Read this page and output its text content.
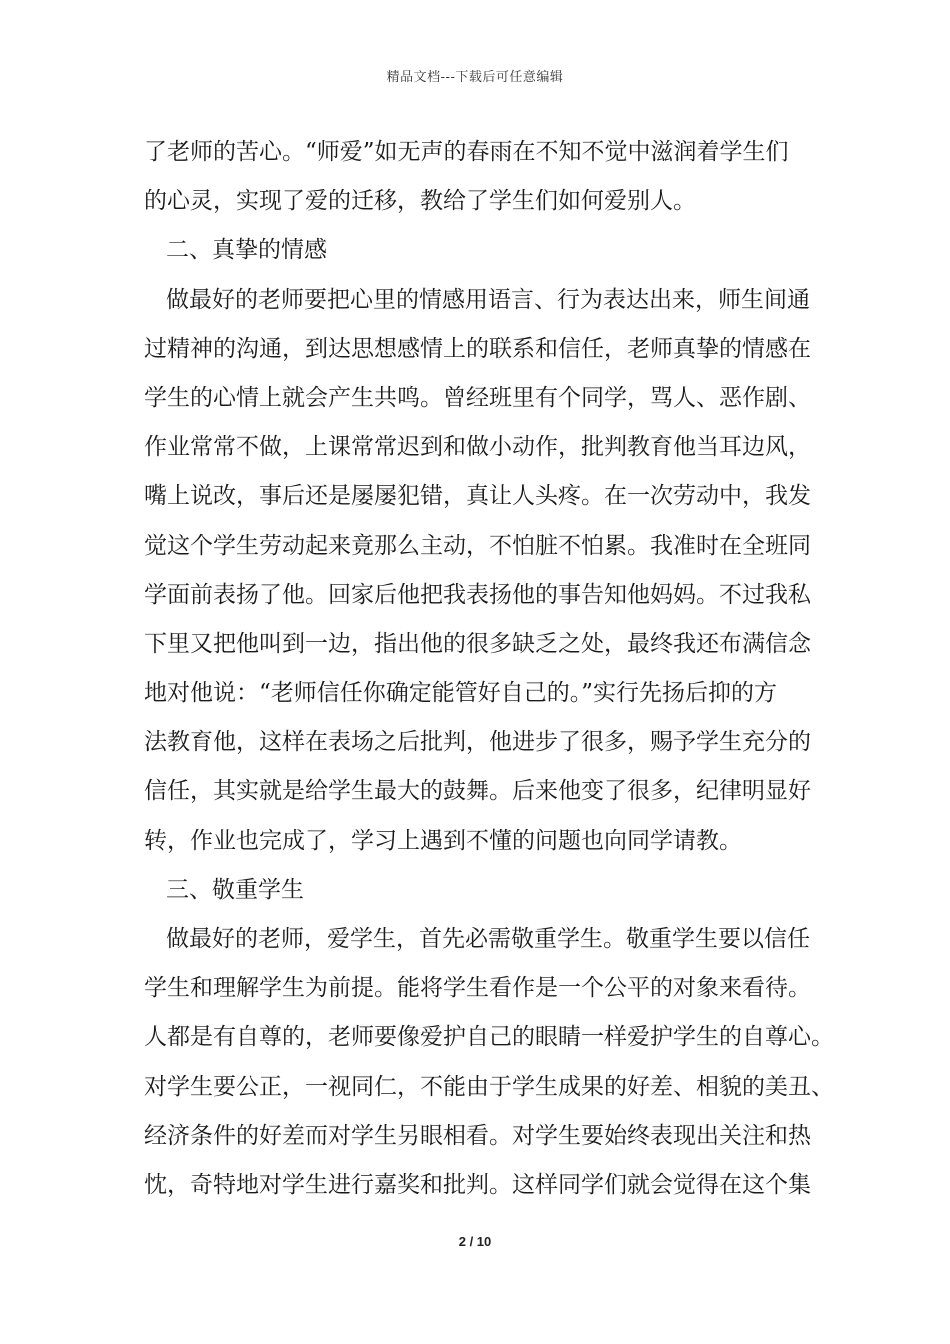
精品文档---下载后可任意编辑
了老师的苦心。“师爱”如无声的春雨在不知不觉中滋润着学生们
的心灵，实现了爱的迁移，教给了学生们如何爱别人。
二、真挚的情感
做最好的老师要把心里的情感用语言、行为表达出来，师生间通
过精神的沟通，到达思想感情上的联系和信任，老师真挚的情感在
学生的心情上就会产生共鸣。曾经班里有个同学，骂人、恶作剧、
作业常常不做，上课常常迟到和做小动作，批判教育他当耳边风，
嘴上说改，事后还是屡屡犯错，真让人头疼。在一次劳动中，我发
觉这个学生劳动起来竟那么主动，不怕脏不怕累。我准时在全班同
学面前表扬了他。回家后他把我表扬他的事告知他妈妈。不过我私
下里又把他叫到一边，指出他的很多缺乏之处，最终我还布满信念
地对他说：“老师信任你确定能管好自己的。”实行先扬后抑的方
法教育他，这样在表场之后批判，他进步了很多，赐予学生充分的
信任，其实就是给学生最大的鼓舞。后来他变了很多，纪律明显好
转，作业也完成了，学习上遇到不懂的问题也向同学请教。
三、敬重学生
做最好的老师，爱学生，首先必需敬重学生。敬重学生要以信任
学生和理解学生为前提。能将学生看作是一个公平的对象来看待。
人都是有自尊的，老师要像爱护自己的眼睛一样爱护学生的自尊心。
对学生要公正，一视同仁，不能由于学生成果的好差、相貌的美丑、
经济条件的好差而对学生另眼相看。对学生要始终表现出关注和热
忱，奇特地对学生进行嘉奖和批判。这样同学们就会觉得在这个集
2 / 10
